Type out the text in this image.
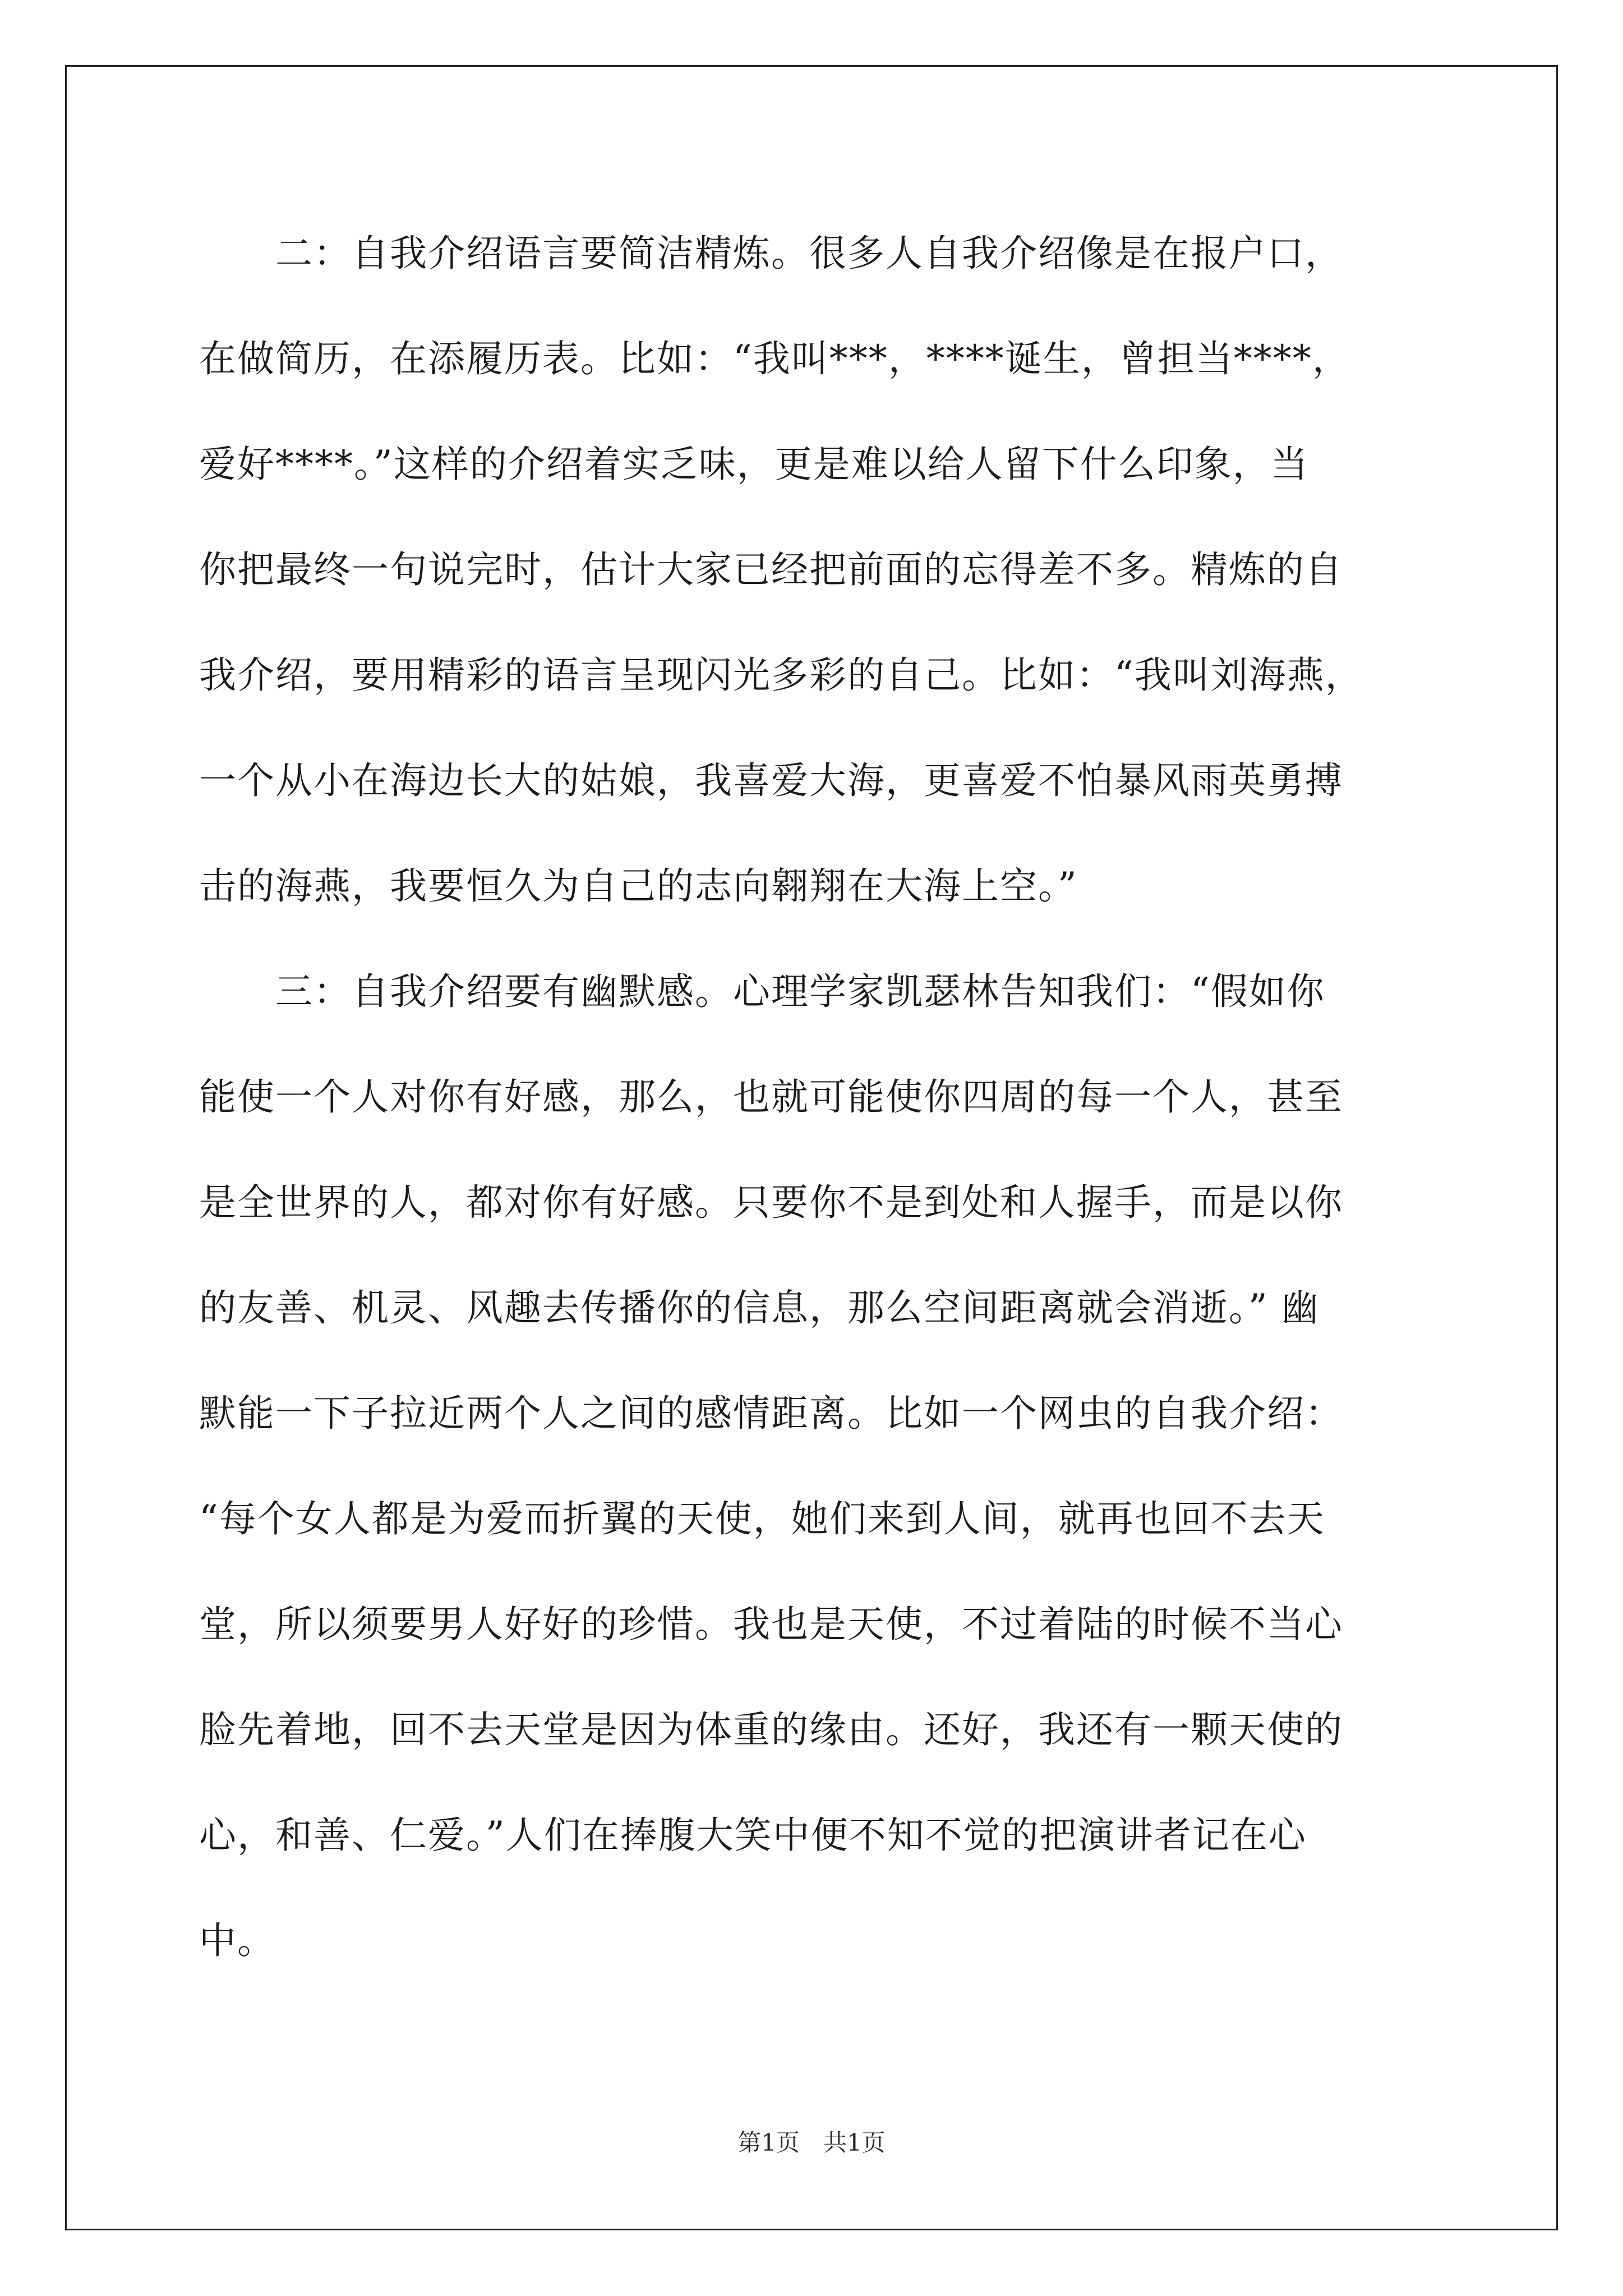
　　二：自我介绍语言要简洁精炼。很多人自我介绍像是在报户口，
在做简历，在添履历表。比如：“我叫***，****诞生，曾担当****，
爱好****。”这样的介绍着实乏味，更是难以给人留下什么印象，当
你把最终一句说完时，估计大家已经把前面的忘得差不多。精炼的自
我介绍，要用精彩的语言呈现闪光多彩的自己。比如：“我叫刘海燕，
一个从小在海边长大的姑娘，我喜爱大海，更喜爱不怕暴风雨英勇搏
击的海燕，我要恒久为自己的志向翱翔在大海上空。”
　　三：自我介绍要有幽默感。心理学家凯瑟林告知我们：“假如你
能使一个人对你有好感，那么，也就可能使你四周的每一个人，甚至
是全世界的人，都对你有好感。只要你不是到处和人握手，而是以你
的友善、机灵、风趣去传播你的信息，那么空间距离就会消逝。” 幽
默能一下子拉近两个人之间的感情距离。比如一个网虫的自我介绍：
“每个女人都是为爱而折翼的天使，她们来到人间，就再也回不去天
堂，所以须要男人好好的珍惜。我也是天使，不过着陆的时候不当心
脸先着地，回不去天堂是因为体重的缘由。还好，我还有一颗天使的
心，和善、仁爱。”人们在捧腹大笑中便不知不觉的把演讲者记在心
中。
第1页　共1页
